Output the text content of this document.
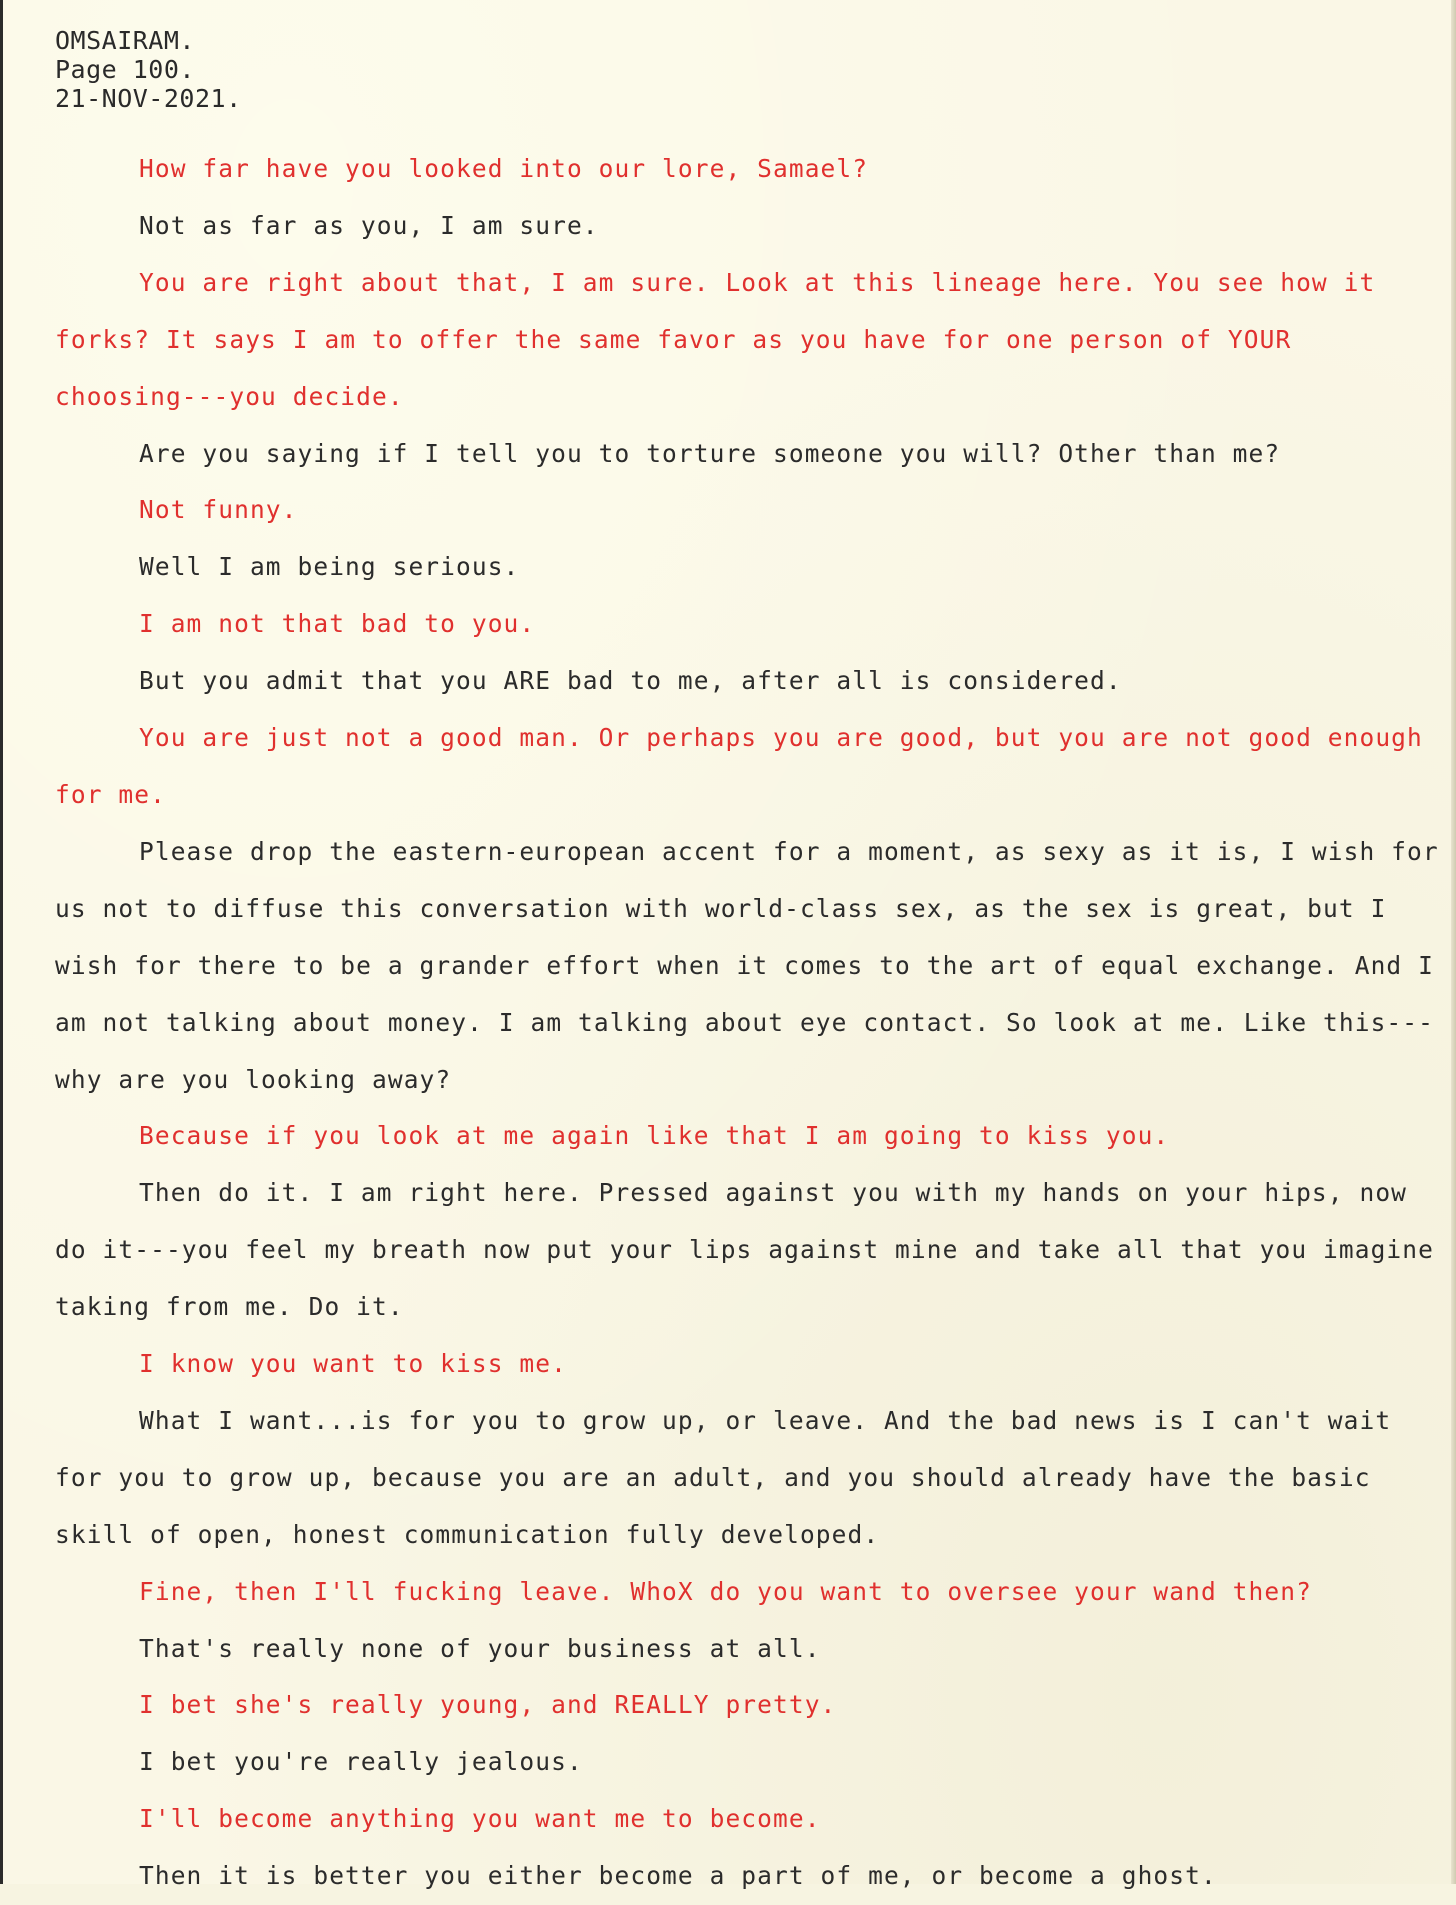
OMSAIRAM.
Page 100.
21-NOV-2021.

How far have you looked into our lore, Samael?

Not as far as you, I am sure.

You are right about that, I am sure. Look at this lineage here. You see how it forks? It says I am to offer the same favor as you have for one person of YOUR choosing---you decide.

Are you saying if I tell you to torture someone you will? Other than me?

Not funny.

Well I am being serious.

I am not that bad to you.

But you admit that you ARE bad to me, after all is considered.

You are just not a good man. Or perhaps you are good, but you are not good enough for me.

Please drop the eastern-european accent for a moment, as sexy as it is, I wish for us not to diffuse this conversation with world-class sex, as the sex is great, but I wish for there to be a grander effort when it comes to the art of equal exchange. And I am not talking about money. I am talking about eye contact. So look at me. Like this---why are you looking away?

Because if you look at me again like that I am going to kiss you.

Then do it. I am right here. Pressed against you with my hands on your hips, now do it---you feel my breath now put your lips against mine and take all that you imagine taking from me. Do it.

I know you want to kiss me.

What I want...is for you to grow up, or leave. And the bad news is I can't wait for you to grow up, because you are an adult, and you should already have the basic skill of open, honest communication fully developed.

Fine, then I'll fucking leave. WhoX do you want to oversee your wand then?

That's really none of your business at all.

I bet she's really young, and REALLY pretty.

I bet you're really jealous.

I'll become anything you want me to become.

Then it is better you either become a part of me, or become a ghost.
